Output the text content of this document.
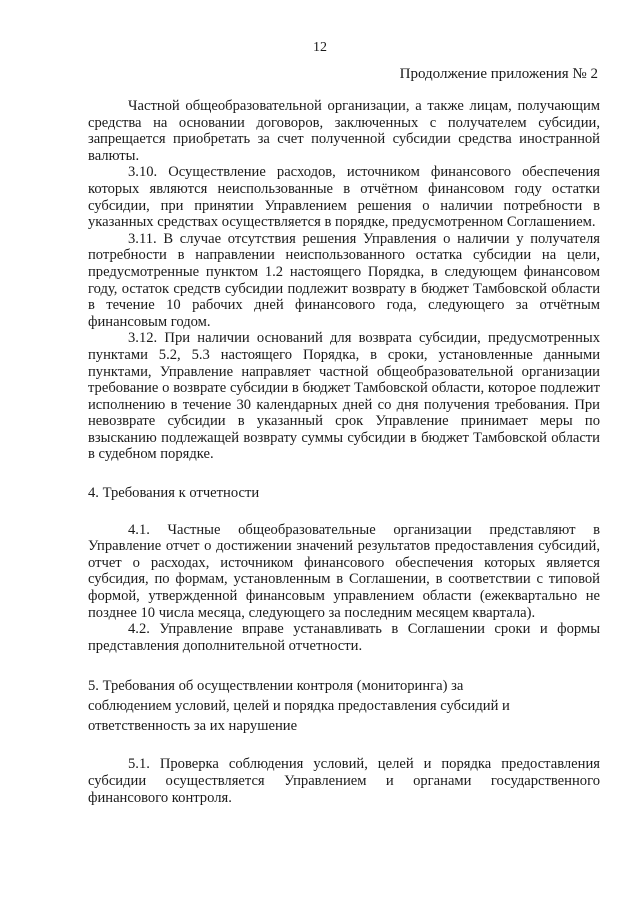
12
Продолжение приложения № 2

Частной общеобразовательной организации, а также лицам, получающим средства на основании договоров, заключенных с получателем субсидии, запрещается приобретать за счет полученной субсидии средства иностранной валюты.

3.10. Осуществление расходов, источником финансового обеспечения которых являются неиспользованные в отчётном финансовом году остатки субсидии, при принятии Управлением решения о наличии потребности в указанных средствах осуществляется в порядке, предусмотренном Соглашением.

3.11. В случае отсутствия решения Управления о наличии у получателя потребности в направлении неиспользованного остатка субсидии на цели, предусмотренные пунктом 1.2 настоящего Порядка, в следующем финансовом году, остаток средств субсидии подлежит возврату в бюджет Тамбовской области в течение 10 рабочих дней финансового года, следующего за отчётным финансовым годом.

3.12. При наличии оснований для возврата субсидии, предусмотренных пунктами 5.2, 5.3 настоящего Порядка, в сроки, установленные данными пунктами, Управление направляет частной общеобразовательной организации требование о возврате субсидии в бюджет Тамбовской области, которое подлежит исполнению в течение 30 календарных дней со дня получения требования. При невозврате субсидии в указанный срок Управление принимает меры по взысканию подлежащей возврату суммы субсидии в бюджет Тамбовской области в судебном порядке.

4. Требования к отчетности

4.1. Частные общеобразовательные организации представляют в Управление отчет о достижении значений результатов предоставления субсидий, отчет о расходах, источником финансового обеспечения которых является субсидия, по формам, установленным в Соглашении, в соответствии с типовой формой, утвержденной финансовым управлением области (ежеквартально не позднее 10 числа месяца, следующего за последним месяцем квартала).

4.2. Управление вправе устанавливать в Соглашении сроки и формы представления дополнительной отчетности.

5. Требования об осуществлении контроля (мониторинга) за

соблюдением условий, целей и порядка предоставления субсидий и

ответственность за их нарушение

5.1. Проверка соблюдения условий, целей и порядка предоставления субсидии осуществляется Управлением и органами государственного финансового контроля.
